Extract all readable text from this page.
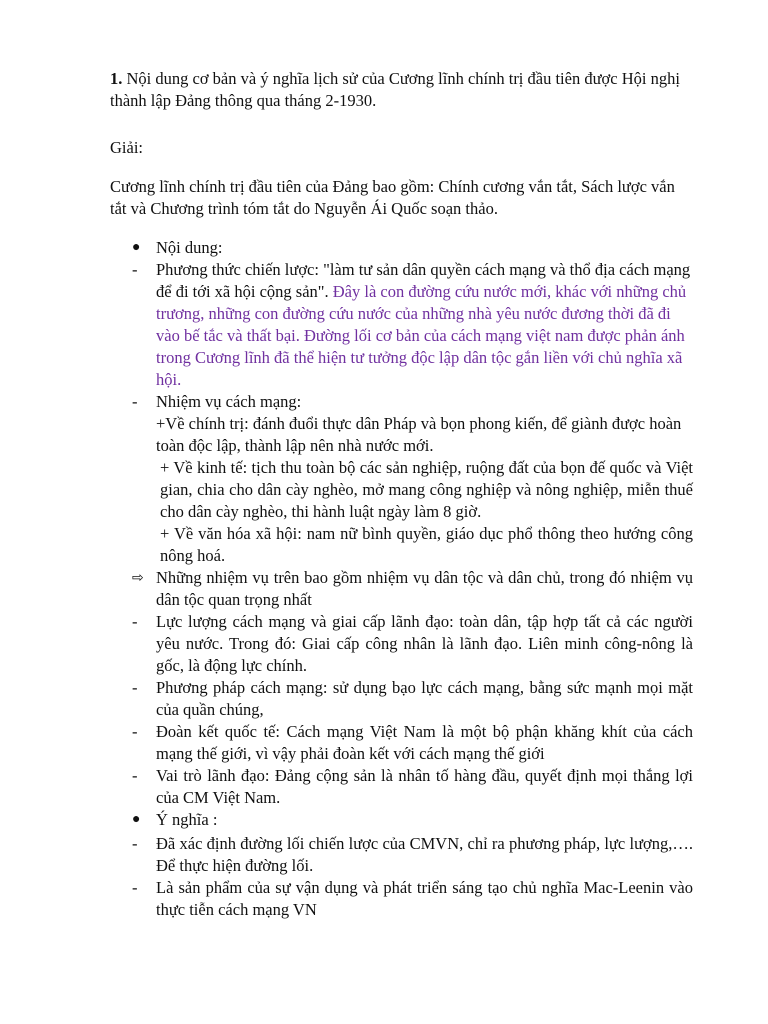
1. Nội dung cơ bản và ý nghĩa lịch sử của Cương lĩnh chính trị đầu tiên được Hội nghị thành lập Đảng thông qua tháng 2-1930.
Giải:
Cương lĩnh chính trị đầu tiên của Đảng bao gồm: Chính cương vắn tắt, Sách lược vắn tắt và Chương trình tóm tắt do Nguyễn Ái Quốc soạn thảo.
● Nội dung:
-	Phương thức chiến lược: "làm tư sản dân quyền cách mạng và thổ địa cách mạng để đi tới xã hội cộng sản". Đây là con đường cứu nước mới, khác với những chủ trương, những con đường cứu nước của những nhà yêu nước đương thời đã đi vào bế tắc và thất bại. Đường lối cơ bản của cách mạng việt nam được phản ánh trong Cương lĩnh đã thể hiện tư tưởng độc lập dân tộc gắn liền với chủ nghĩa xã hội.
-	Nhiệm vụ cách mạng:
+Về chính trị: đánh đuổi thực dân Pháp và bọn phong kiến, để giành được hoàn toàn độc lập, thành lập nên nhà nước mới.
+ Về kinh tế: tịch thu toàn bộ các sản nghiệp, ruộng đất của bọn đế quốc và Việt gian, chia cho dân cày nghèo, mở mang công nghiệp và nông nghiệp, miễn thuế cho dân cày nghèo, thi hành luật ngày làm 8 giờ.
+ Về văn hóa xã hội: nam nữ bình quyền, giáo dục phổ thông theo hướng công nông hoá.
⇨ Những nhiệm vụ trên bao gồm nhiệm vụ dân tộc và dân chủ, trong đó nhiệm vụ dân tộc quan trọng nhất
-	Lực lượng cách mạng và giai cấp lãnh đạo: toàn dân, tập hợp tất cả các người yêu nước. Trong đó: Giai cấp công nhân là lãnh đạo. Liên minh công-nông là gốc, là động lực chính.
-	Phương pháp cách mạng: sử dụng bạo lực cách mạng, bằng sức mạnh mọi mặt của quần chúng,
-	Đoàn kết quốc tế: Cách mạng Việt Nam là một bộ phận khăng khít của cách mạng thế giới, vì vậy phải đoàn kết với cách mạng thế giới
-	Vai trò lãnh đạo: Đảng cộng sản là nhân tố hàng đầu, quyết định mọi thắng lợi của CM Việt Nam.
● Ý nghĩa :
-	Đã xác định đường lối chiến lược của CMVN, chỉ ra phương pháp, lực lượng,…. Để thực hiện đường lối.
-	Là sản phẩm của sự vận dụng và phát triển sáng tạo chủ nghĩa Mac-Leenin vào thực tiễn cách mạng VN
